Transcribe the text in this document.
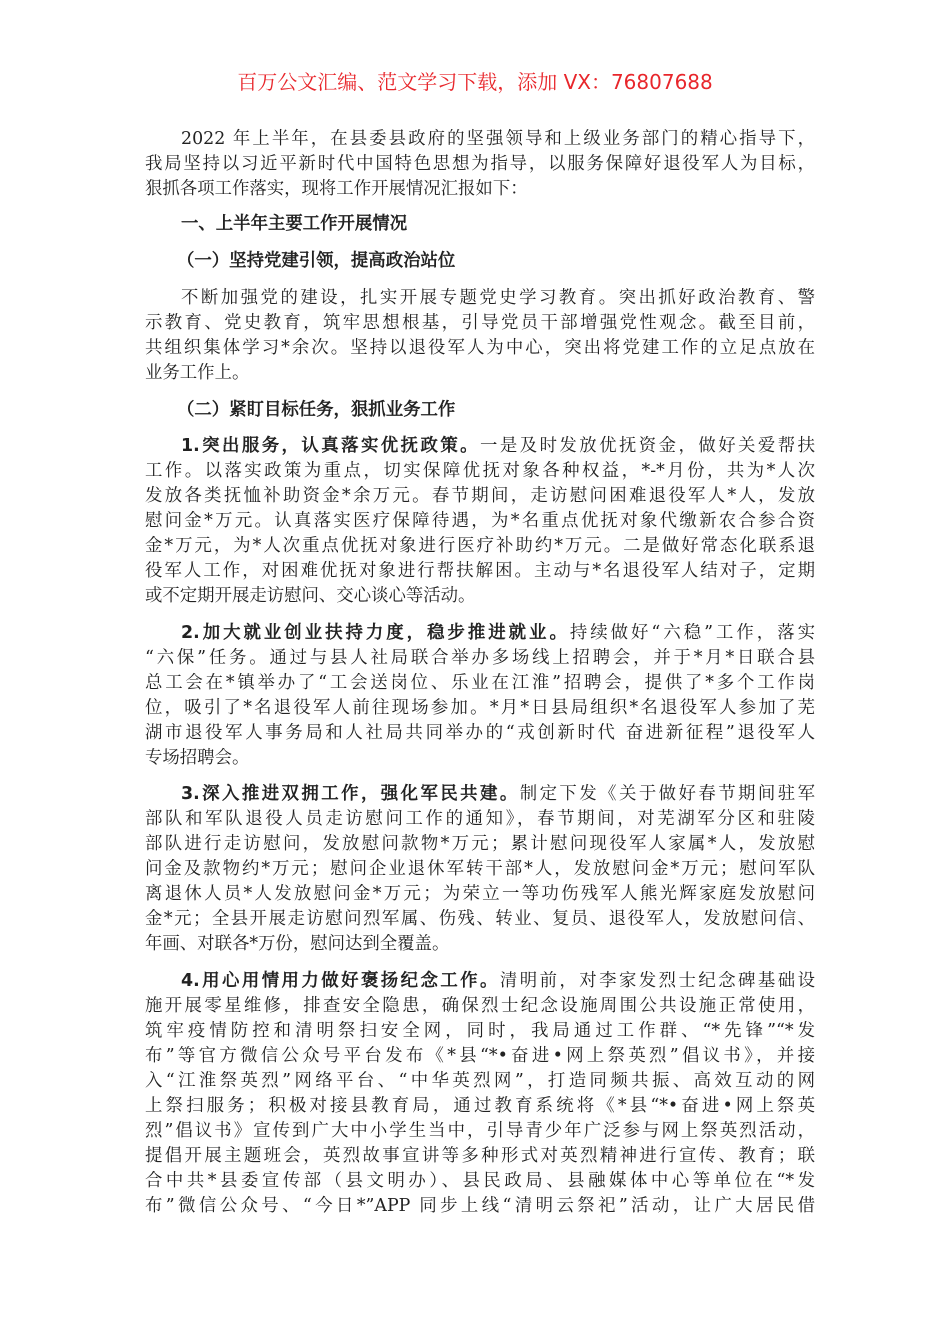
百万公文汇编、范文学习下载，添加 VX：76807688
2022 年上半年，在县委县政府的坚强领导和上级业务部门的精心指导下，
我局坚持以习近平新时代中国特色思想为指导，以服务保障好退役军人为目标，
狠抓各项工作落实，现将工作开展情况汇报如下：
一、上半年主要工作开展情况
（一）坚持党建引领，提高政治站位
不断加强党的建设，扎实开展专题党史学习教育。突出抓好政治教育、警
示教育、党史教育，筑牢思想根基，引导党员干部增强党性观念。截至目前，
共组织集体学习*余次。坚持以退役军人为中心，突出将党建工作的立足点放在
业务工作上。
（二）紧盯目标任务，狠抓业务工作
1.突出服务，认真落实优抚政策。一是及时发放优抚资金，做好关爱帮扶
工作。以落实政策为重点，切实保障优抚对象各种权益，*-*月份，共为*人次
发放各类抚恤补助资金*余万元。春节期间，走访慰问困难退役军人*人，发放
慰问金*万元。认真落实医疗保障待遇，为*名重点优抚对象代缴新农合参合资
金*万元，为*人次重点优抚对象进行医疗补助约*万元。二是做好常态化联系退
役军人工作，对困难优抚对象进行帮扶解困。主动与*名退役军人结对子，定期
或不定期开展走访慰问、交心谈心等活动。
2.加大就业创业扶持力度，稳步推进就业。持续做好“六稳”工作，落实
“六保”任务。通过与县人社局联合举办多场线上招聘会，并于*月*日联合县
总工会在*镇举办了“工会送岗位、乐业在江淮”招聘会，提供了*多个工作岗
位，吸引了*名退役军人前往现场参加。*月*日县局组织*名退役军人参加了芜
湖市退役军人事务局和人社局共同举办的“戎创新时代 奋进新征程”退役军人
专场招聘会。
3.深入推进双拥工作，强化军民共建。制定下发《关于做好春节期间驻军
部队和军队退役人员走访慰问工作的通知》，春节期间，对芜湖军分区和驻陵
部队进行走访慰问，发放慰问款物*万元；累计慰问现役军人家属*人，发放慰
问金及款物约*万元；慰问企业退休军转干部*人，发放慰问金*万元；慰问军队
离退休人员*人发放慰问金*万元；为荣立一等功伤残军人熊光辉家庭发放慰问
金*元；全县开展走访慰问烈军属、伤残、转业、复员、退役军人，发放慰问信、
年画、对联各*万份，慰问达到全覆盖。
4.用心用情用力做好褒扬纪念工作。清明前，对李家发烈士纪念碑基础设
施开展零星维修，排查安全隐患，确保烈士纪念设施周围公共设施正常使用，
筑牢疫情防控和清明祭扫安全网，同时，我局通过工作群、“*先锋”“*发
布”等官方微信公众号平台发布《*县“*•奋进•网上祭英烈”倡议书》，并接
入“江淮祭英烈”网络平台、“中华英烈网”，打造同频共振、高效互动的网
上祭扫服务；积极对接县教育局，通过教育系统将《*县“*•奋进•网上祭英
烈”倡议书》宣传到广大中小学生当中，引导青少年广泛参与网上祭英烈活动，
提倡开展主题班会，英烈故事宣讲等多种形式对英烈精神进行宣传、教育；联
合中共*县委宣传部（县文明办）、县民政局、县融媒体中心等单位在“*发
布”微信公众号、“今日*”APP 同步上线“清明云祭祀”活动，让广大居民借
